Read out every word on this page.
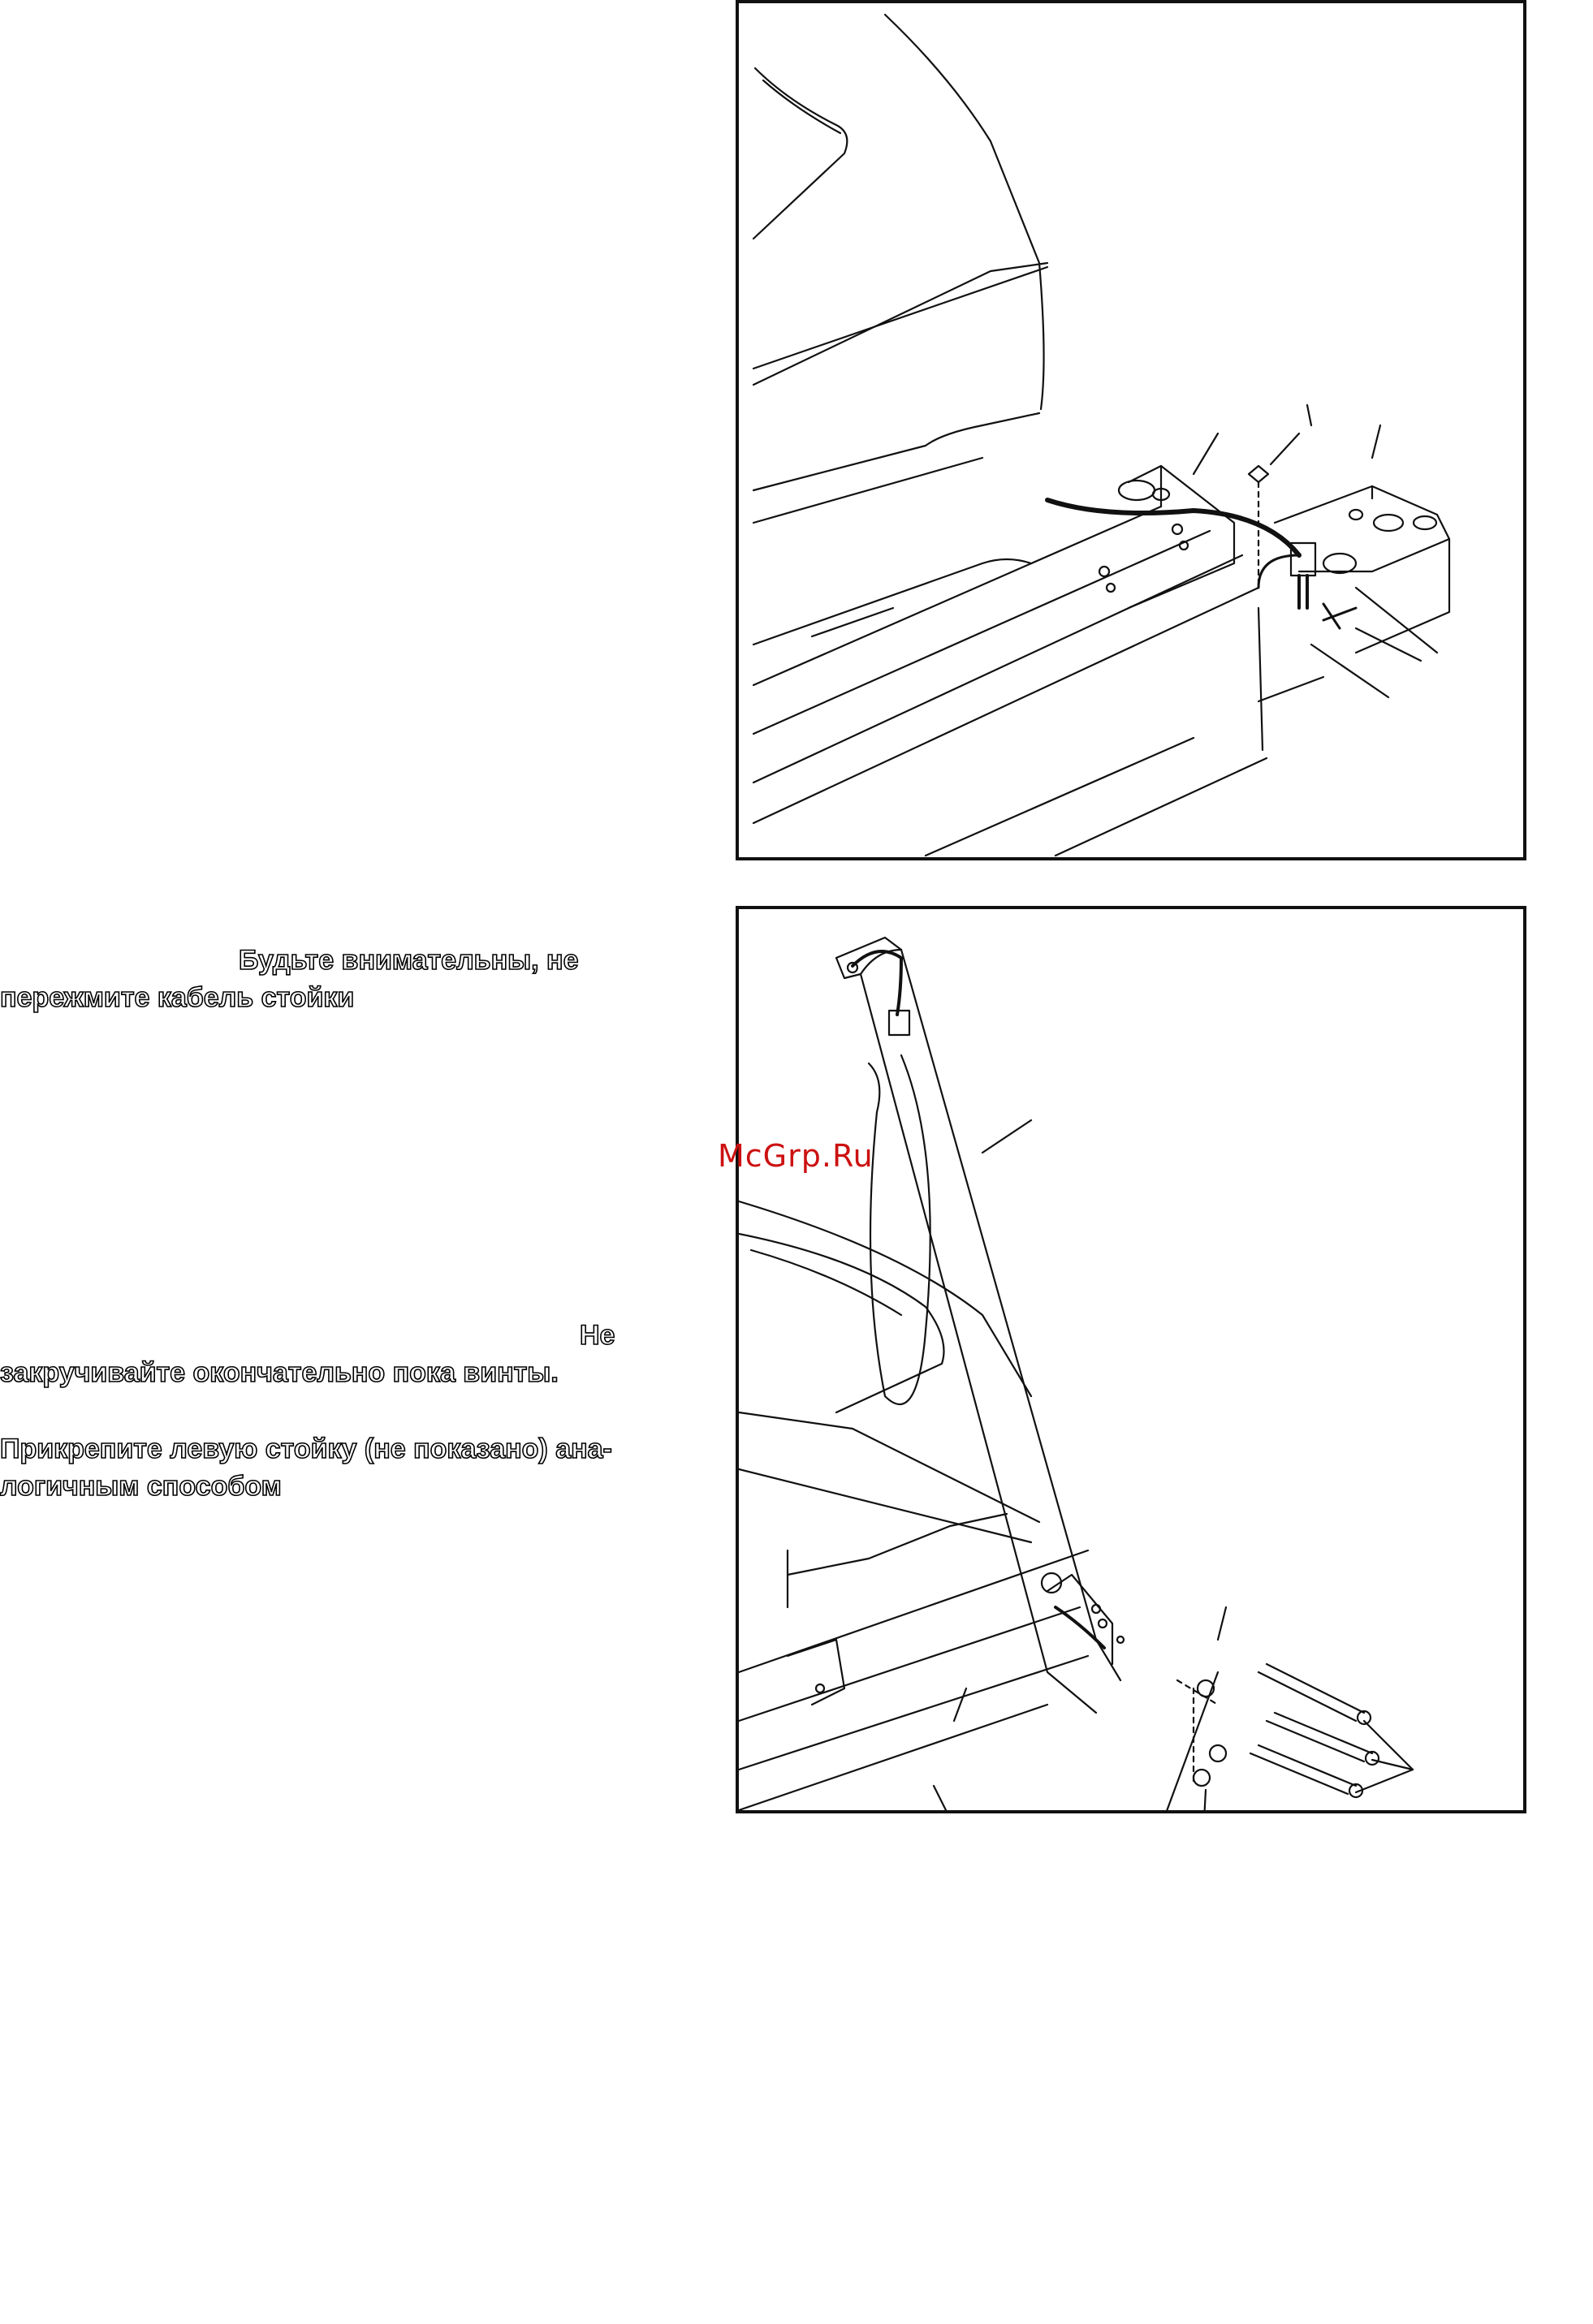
Будьте внимательны, не
пережмите кабель стойки
Не
закручивайте окончательно пока винты.
Прикрепите левую стойку (не показано) ана-
логичным способом
McGrp.Ru
